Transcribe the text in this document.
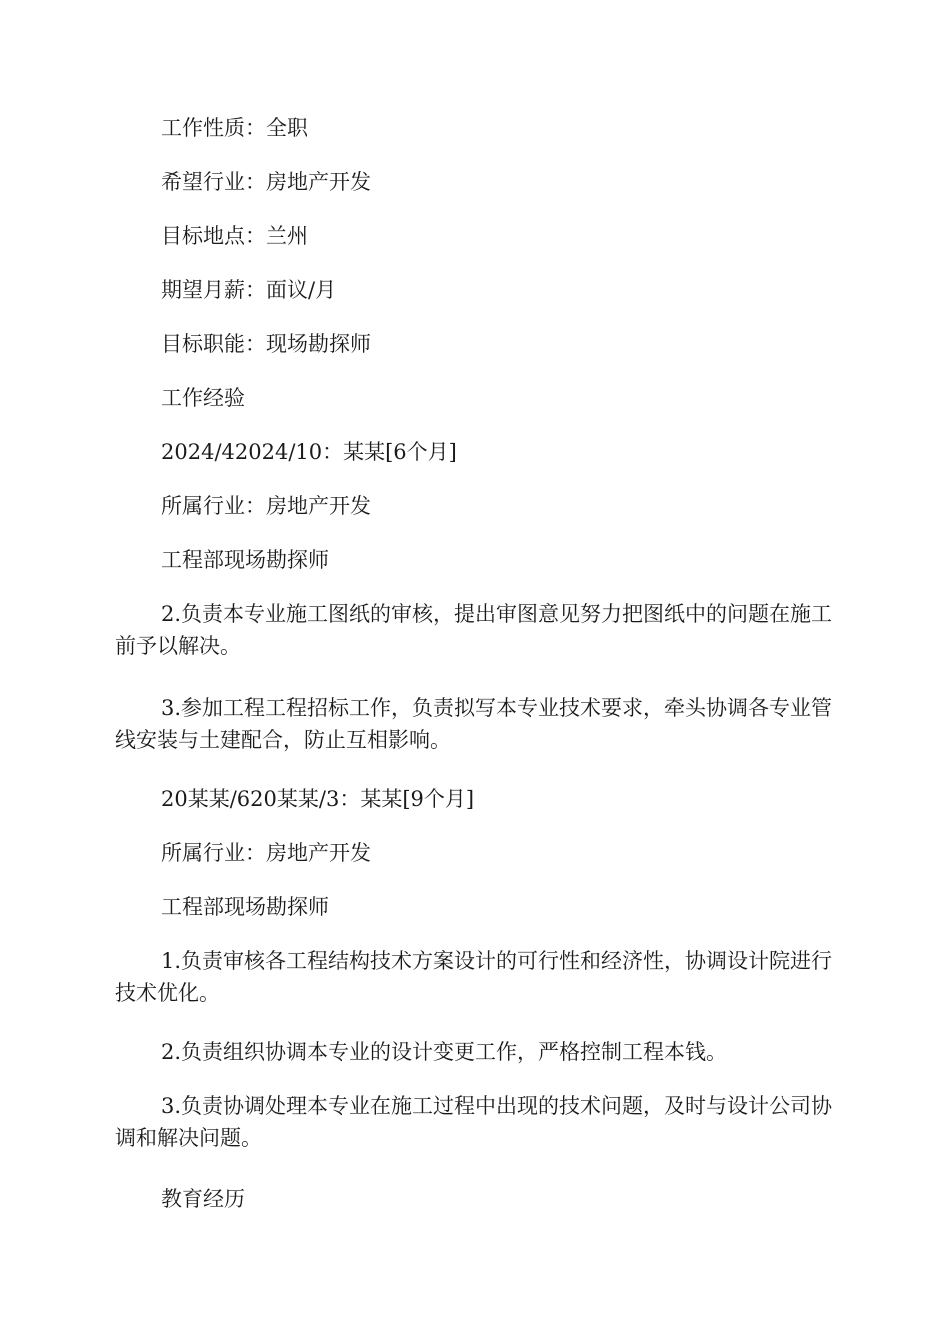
工作性质：全职

希望行业：房地产开发

目标地点：兰州

期望月薪：面议/月

目标职能：现场勘探师

工作经验

2024/42024/10：某某[6个月]

所属行业：房地产开发

工程部现场勘探师

2.负责本专业施工图纸的审核，提出审图意见努力把图纸中的问题在施工前予以解决。

3.参加工程工程招标工作，负责拟写本专业技术要求，牵头协调各专业管线安装与土建配合，防止互相影响。

20某某/620某某/3：某某[9个月]

所属行业：房地产开发

工程部现场勘探师

1.负责审核各工程结构技术方案设计的可行性和经济性，协调设计院进行技术优化。

2.负责组织协调本专业的设计变更工作，严格控制工程本钱。

3.负责协调处理本专业在施工过程中出现的技术问题，及时与设计公司协调和解决问题。

教育经历
